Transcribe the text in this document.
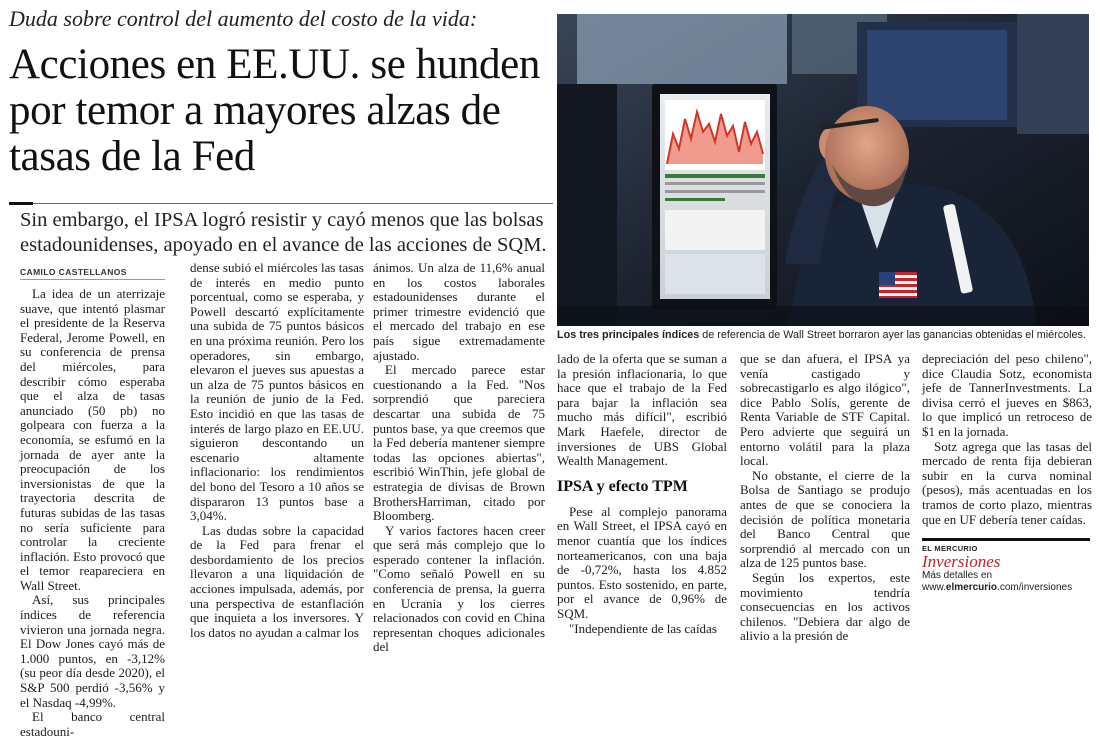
Duda sobre control del aumento del costo de la vida:
Acciones en EE.UU. se hunden por temor a mayores alzas de tasas de la Fed
Sin embargo, el IPSA logró resistir y cayó menos que las bolsas estadounidenses, apoyado en el avance de las acciones de SQM.
Los tres principales índices de referencia de Wall Street borraron ayer las ganancias obtenidas el miércoles.
CAMILO CASTELLANOS

La idea de un aterrizaje suave, que intentó plasmar el presidente de la Reserva Federal, Jerome Powell, en su conferencia de prensa del miércoles, para describir cómo esperaba que el alza de tasas anunciado (50 pb) no golpeara con fuerza a la economía, se esfumó en la jornada de ayer ante la preocupación de los inversionistas de que la trayectoria descrita de futuras subidas de las tasas no sería suficiente para controlar la creciente inflación. Esto provocó que el temor reapareciera en Wall Street.

Así, sus principales índices de referencia vivieron una jornada negra. El Dow Jones cayó más de 1.000 puntos, en -3,12% (su peor día desde 2020), el S&P 500 perdió -3,56% y el Nasdaq -4,99%.

El banco central estadouni-

dense subió el miércoles las tasas de interés en medio punto porcentual, como se esperaba, y Powell descartó explícitamente una subida de 75 puntos básicos en una próxima reunión. Pero los operadores, sin embargo, elevaron el jueves sus apuestas a un alza de 75 puntos básicos en la reunión de junio de la Fed. Esto incidió en que las tasas de interés de largo plazo en EE.UU. siguieron descontando un escenario altamente inflacionario: los rendimientos del bono del Tesoro a 10 años se dispararon 13 puntos base a 3,04%.

Las dudas sobre la capacidad de la Fed para frenar el desbordamiento de los precios llevaron a una liquidación de acciones impulsada, además, por una perspectiva de estanflación que inquieta a los inversores. Y los datos no ayudan a calmar los

ánimos. Un alza de 11,6% anual en los costos laborales estadounidenses durante el primer trimestre evidenció que el mercado del trabajo en ese país sigue extremadamente ajustado.

El mercado parece estar cuestionando a la Fed. "Nos sorprendió que pareciera descartar una subida de 75 puntos base, ya que creemos que la Fed debería mantener siempre todas las opciones abiertas", escribió WinThin, jefe global de estrategia de divisas de Brown BrothersHarriman, citado por Bloomberg.

Y varios factores hacen creer que será más complejo que lo esperado contener la inflación. "Como señaló Powell en su conferencia de prensa, la guerra en Ucrania y los cierres relacionados con covid en China representan choques adicionales del

lado de la oferta que se suman a la presión inflacionaria, lo que hace que el trabajo de la Fed para bajar la inflación sea mucho más difícil", escribió Mark Haefele, director de inversiones de UBS Global Wealth Management.

IPSA y efecto TPM

Pese al complejo panorama en Wall Street, el IPSA cayó en menor cuantía que los índices norteamericanos, con una baja de -0,72%, hasta los 4.852 puntos. Esto sostenido, en parte, por el avance de 0,96% de SQM.

"Independiente de las caídas

que se dan afuera, el IPSA ya venía castigado y sobrecastigarlo es algo ilógico", dice Pablo Solís, gerente de Renta Variable de STF Capital. Pero advierte que seguirá un entorno volátil para la plaza local.

No obstante, el cierre de la Bolsa de Santiago se produjo antes de que se conociera la decisión de política monetaria del Banco Central que sorprendió al mercado con un alza de 125 puntos base.

Según los expertos, este movimiento tendría consecuencias en los activos chilenos. "Debiera dar algo de alivio a la presión de

depreciación del peso chileno", dice Claudia Sotz, economista jefe de TannerInvestments. La divisa cerró el jueves en $863, lo que implicó un retroceso de $1 en la jornada.

Sotz agrega que las tasas del mercado de renta fija debieran subir en la curva nominal (pesos), más acentuadas en los tramos de corto plazo, mientras que en UF debería tener caídas.

EL MERCURIO
Inversiones
Más detalles en
www.elmercurio.com/inversiones
